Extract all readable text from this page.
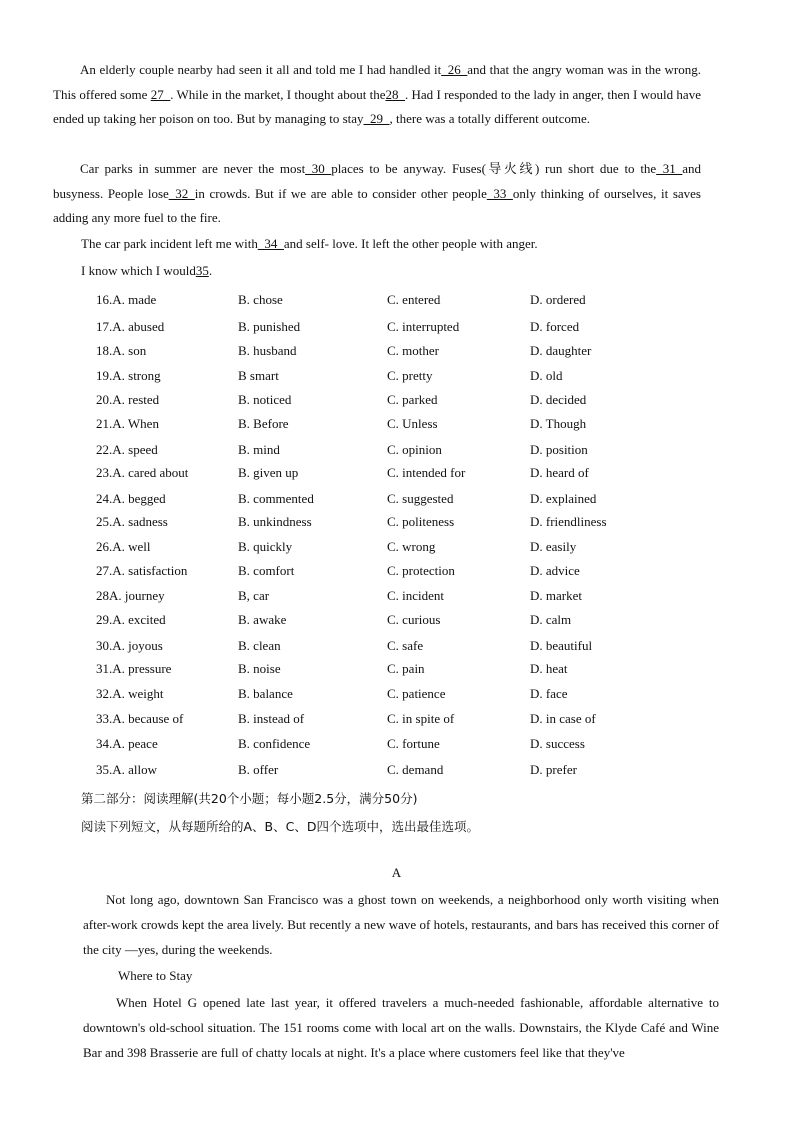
An elderly couple nearby had seen it all and told me I had handled it_26_and that the angry woman was in the wrong. This offered some 27_. While in the market, I thought about the28_. Had I responded to the lady in anger, then I would have ended up taking her poison on too. But by managing to stay_29_, there was a totally different outcome.

Car parks in summer are never the most_30_places to be anyway. Fuses(导火线) run short due to the_31_and busyness. People lose_32_in crowds. But if we are able to consider other people_33_only thinking of ourselves, it saves adding any more fuel to the fire.

The car park incident left me with_34_and self- love. It left the other people with anger.

I know which I would35.

16.A. made	B. chose	C. entered	D. ordered
17.A. abused	B. punished	C. interrupted	D. forced
18.A. son	B. husband	C. mother	D. daughter
19.A. strong	B smart	C. pretty	D. old
20.A. rested	B. noticed	C. parked	D. decided
21.A. When	B. Before	C. Unless	D. Though
22.A. speed	B. mind	C. opinion	D. position
23.A. cared about	B. given up	C. intended for	D. heard of
24.A. begged	B. commented	C. suggested	D. explained
25.A. sadness	B. unkindness	C. politeness	D. friendliness
26.A. well	B. quickly	C. wrong	D. easily
27.A. satisfaction	B. comfort	C. protection	D. advice
28A. journey	B, car	C. incident	D. market
29.A. excited	B. awake	C. curious	D. calm
30.A. joyous	B. clean	C. safe	D. beautiful
31.A. pressure	B. noise	C. pain	D. heat
32.A. weight	B. balance	C. patience	D. face
33.A. because of	B. instead of	C. in spite of	D. in case of
34.A. peace	B. confidence	C. fortune	D. success
35.A. allow	B. offer	C. demand	D. prefer

第二部分：阅读理解(共20个小题；每小题2.5分，满分50分)

阅读下列短文，从每题所给的A、B、C、D四个选项中，选出最佳选项。

A

Not long ago, downtown San Francisco was a ghost town on weekends, a neighborhood only worth visiting when after-work crowds kept the area lively. But recently a new wave of hotels, restaurants, and bars has received this corner of the city —yes, during the weekends.

Where to Stay

When Hotel G opened late last year, it offered travelers a much-needed fashionable, affordable alternative to downtown's old-school situation. The 151 rooms come with local art on the walls. Downstairs, the Klyde Café and Wine Bar and 398 Brasserie are full of chatty locals at night. It's a place where customers feel like that they've
